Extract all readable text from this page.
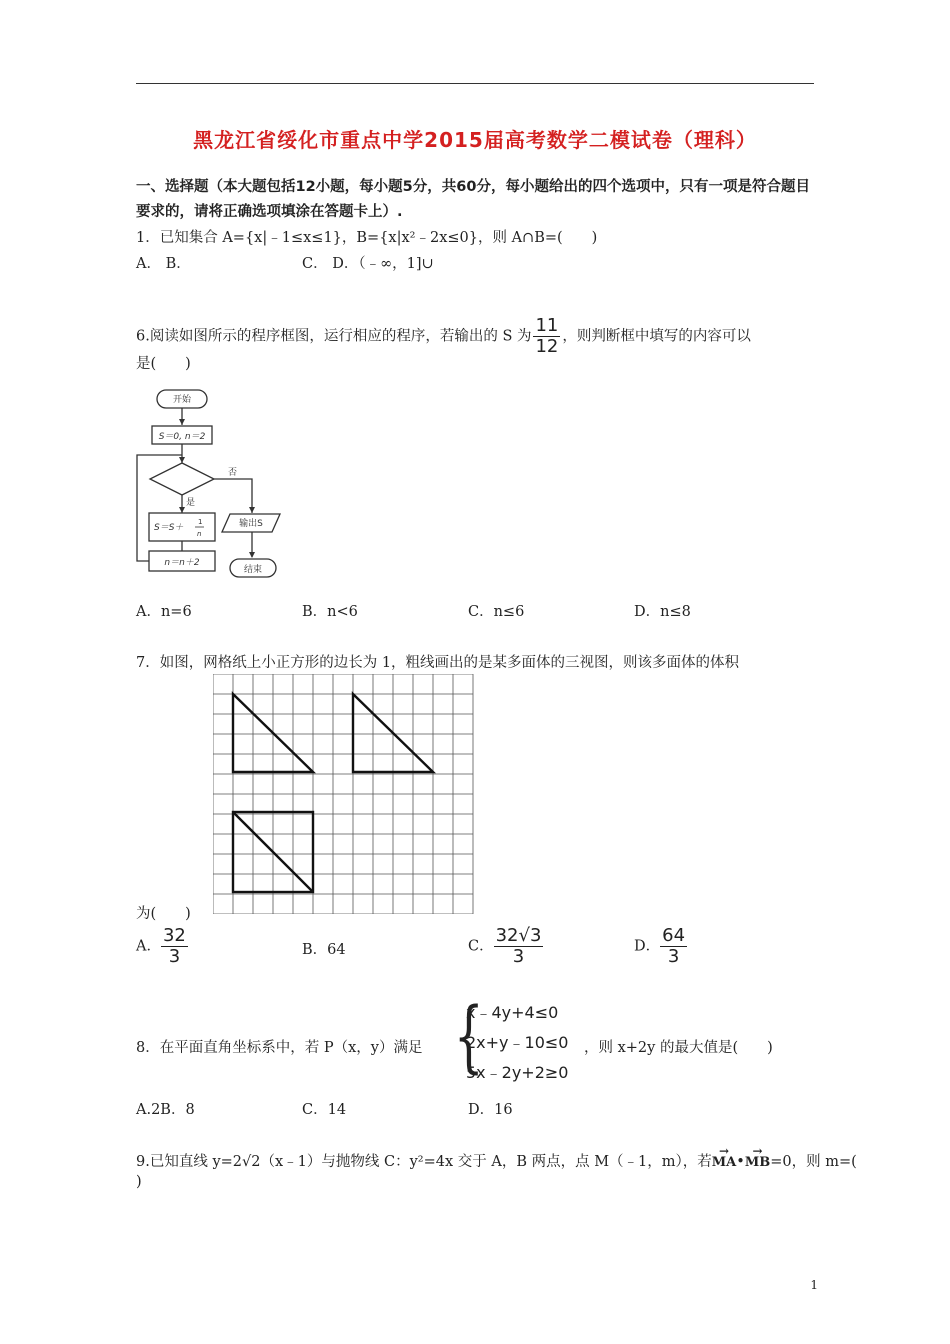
黑龙江省绥化市重点中学2015届高考数学二模试卷（理科）
一、选择题（本大题包括12小题，每小题5分，共60分，每小题给出的四个选项中，只有一项是符合题目要求的，请将正确选项填涂在答题卡上）.
1．已知集合 A={x|﹣1≤x≤1}，B={x|x²﹣2x≤0}，则 A∩B=(　　)
A． B．	C． D．（﹣∞，1]∪
6.阅读如图所示的程序框图，运行相应的程序，若输出的 S 为 $\frac{11}{12}$ ，则判断框中填写的内容可以
是(　　)
开始
S＝0, n＝2
否
是
S＝S＋
1
n
n＝n＋2
输出S
结束
A．n=6	B．n<6	C．n≤6	D．n≤8
7．如图，网格纸上小正方形的边长为 1，粗线画出的是某多面体的三视图，则该多面体的体积
为(　　)
A． $\frac{32}{3}$	B．64	C． $\frac{32√3}{3}$	D． $\frac{64}{3}$
8．在平面直角坐标系中，若 P（x，y）满足 {
x﹣4y+4≤0
2x+y﹣10≤0
5x﹣2y+2≥0
，则 x+2y 的最大值是(　　)
A.2B．8	C．14	D．16
9.已知直线 y=2√2（x﹣1）与抛物线 C：y²=4x 交于 A，B 两点，点 M（﹣1，m），若→ MA•→ MB=0，则 m=(
)
1
